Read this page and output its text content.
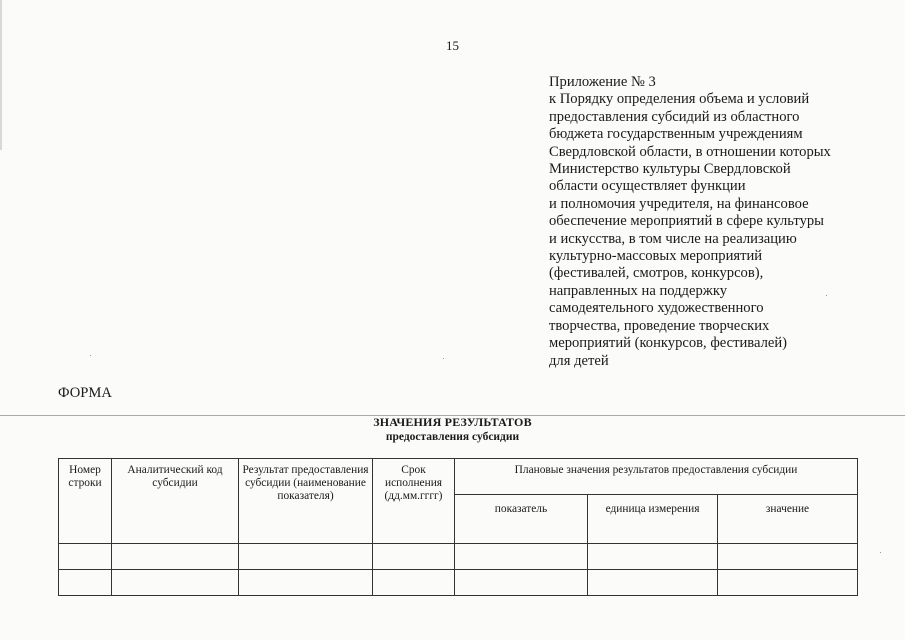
15
Приложение № 3
к Порядку определения объема и условий
предоставления субсидий из областного
бюджета государственным учреждениям
Свердловской области, в отношении которых
Министерство культуры Свердловской
области осуществляет функции
и полномочия учредителя, на финансовое
обеспечение мероприятий в сфере культуры
и искусства, в том числе на реализацию
культурно-массовых мероприятий
(фестивалей, смотров, конкурсов),
направленных на поддержку
самодеятельного художественного
творчества, проведение творческих
мероприятий (конкурсов, фестивалей)
для детей
ФОРМА
ЗНАЧЕНИЯ РЕЗУЛЬТАТОВ
предоставления субсидии
Номер строки	Аналитический код субсидии	Результат предоставления субсидии (наименование показателя)	Срок исполнения (дд.мм.гггг)	Плановые значения результатов предоставления субсидии		
				показатель	единица измерения	значение
